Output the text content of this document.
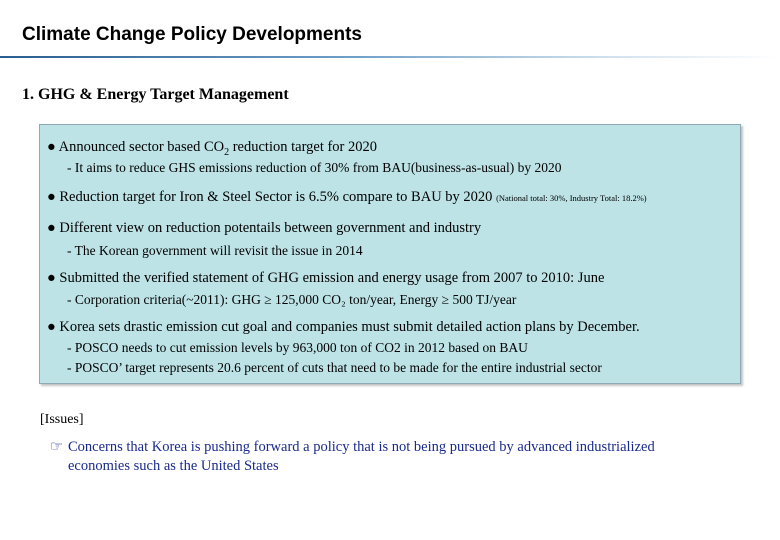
Climate Change Policy Developments
1. GHG & Energy Target Management
● Announced sector based $CO_2$ reduction target for 2020
- It aims to reduce GHS emissions reduction of 30% from BAU(business-as-usual) by 2020
● Reduction target for Iron & Steel Sector is 6.5% compare to BAU by 2020 (National total: 30%, Industry Total: 18.2%)
● Different view on reduction potentails between government and industry
- The Korean government will revisit the issue in 2014
● Submitted the verified statement of GHG emission and energy usage from 2007 to 2010: June
- Corporation criteria(~2011): GHG ≥ 125,000 CO₂ ton/year, Energy ≥ 500 TJ/year
● Korea sets drastic emission cut goal and companies must submit detailed action plans by December.
- POSCO needs to cut emission levels by 963,000 ton of CO2 in 2012 based on BAU
- POSCO’ target represents 20.6 percent of cuts that need to be made for the entire industrial sector
[Issues]
☞ Concerns that Korea is pushing forward a policy that is not being pursued by advanced industrialized
economies such as the United States
